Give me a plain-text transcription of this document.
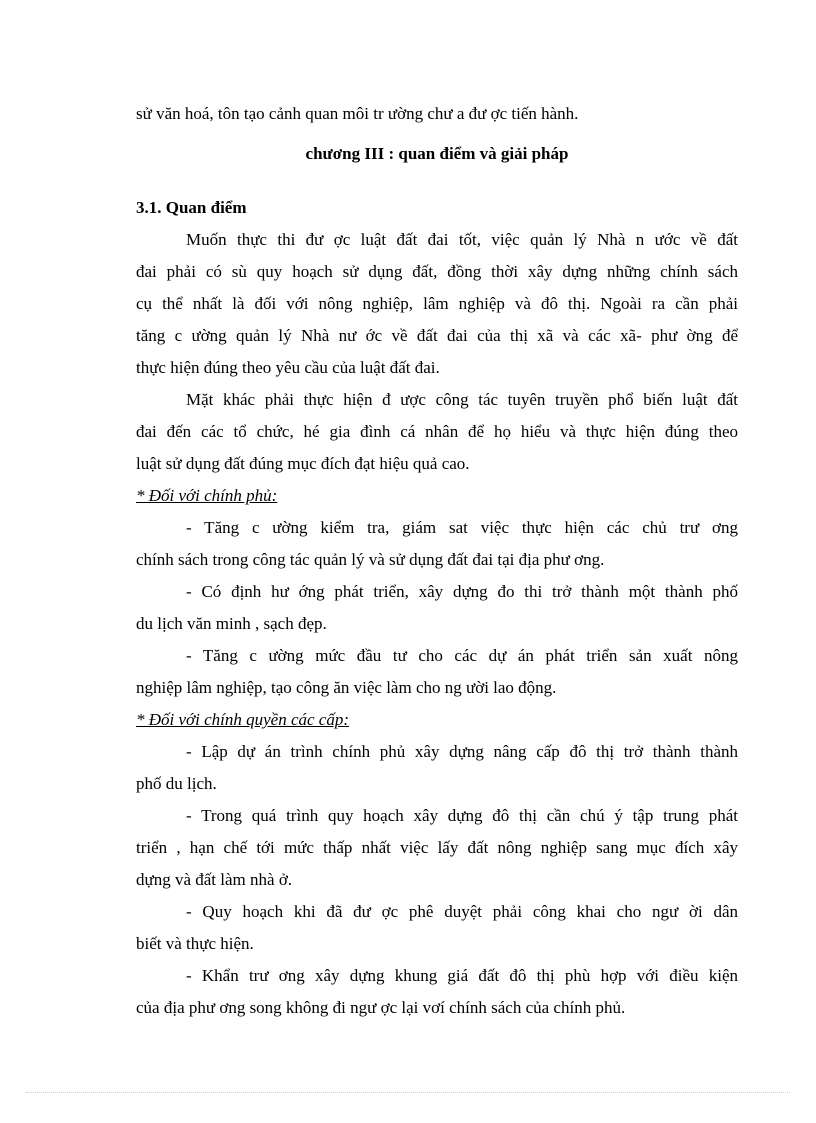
sử văn hoá, tôn tạo cảnh quan môi tr ường chư a đư ợc tiến hành.
chương III : quan điểm và giải pháp
3.1. Quan điểm
Muốn thực thi đư ợc luật đất đai tốt, việc quản lý Nhà n ước về đất
đai phải có sù quy hoạch sử dụng đất, đồng thời xây dựng những chính sách
cụ thể nhất là đối với nông nghiệp, lâm nghiệp và đô thị. Ngoài ra cần phải
tăng c ường quản lý Nhà nư ớc về đất đai của thị xã và các xã- phư ờng để
thực hiện đúng theo yêu cầu của luật đất đai.
Mặt khác phải thực hiện đ ược công tác tuyên truyền phổ biến luật đất
đai đến các tổ chức, hé gia đình cá nhân để họ hiểu và thực hiện đúng theo
luật sử dụng đất đúng mục đích đạt hiệu quả cao.
* Đối với chính phủ:
- Tăng c ường kiểm tra, giám sat việc thực hiện các chủ trư ơng
chính sách trong công tác quản lý và sử dụng đất đai tại địa phư ơng.
- Có định hư ớng phát triển, xây dựng đo thi trở thành một thành phố
du lịch văn minh , sạch đẹp.
- Tăng c ường mức đầu tư cho các dự án phát triển sản xuất nông
nghiệp lâm nghiệp, tạo công ăn việc làm cho ng ười lao động.
* Đối với chính quyền các cấp:
- Lập dự án trình chính phủ xây dựng nâng cấp đô thị trở thành thành
phố du lịch.
- Trong quá trình quy hoạch xây dựng đô thị cần chú ý tập trung phát
triển , hạn chế tới mức thấp nhất việc lấy đất nông nghiệp sang mục đích xây
dựng và đất làm nhà ở.
- Quy hoạch khi đã đư ợc phê duyệt phải công khai cho ngư ời dân
biết và thực hiện.
- Khẩn trư ơng xây dựng khung giá đất đô thị phù hợp với điều kiện
của địa phư ơng song không đi ngư ợc lại vơí chính sách của chính phủ.
